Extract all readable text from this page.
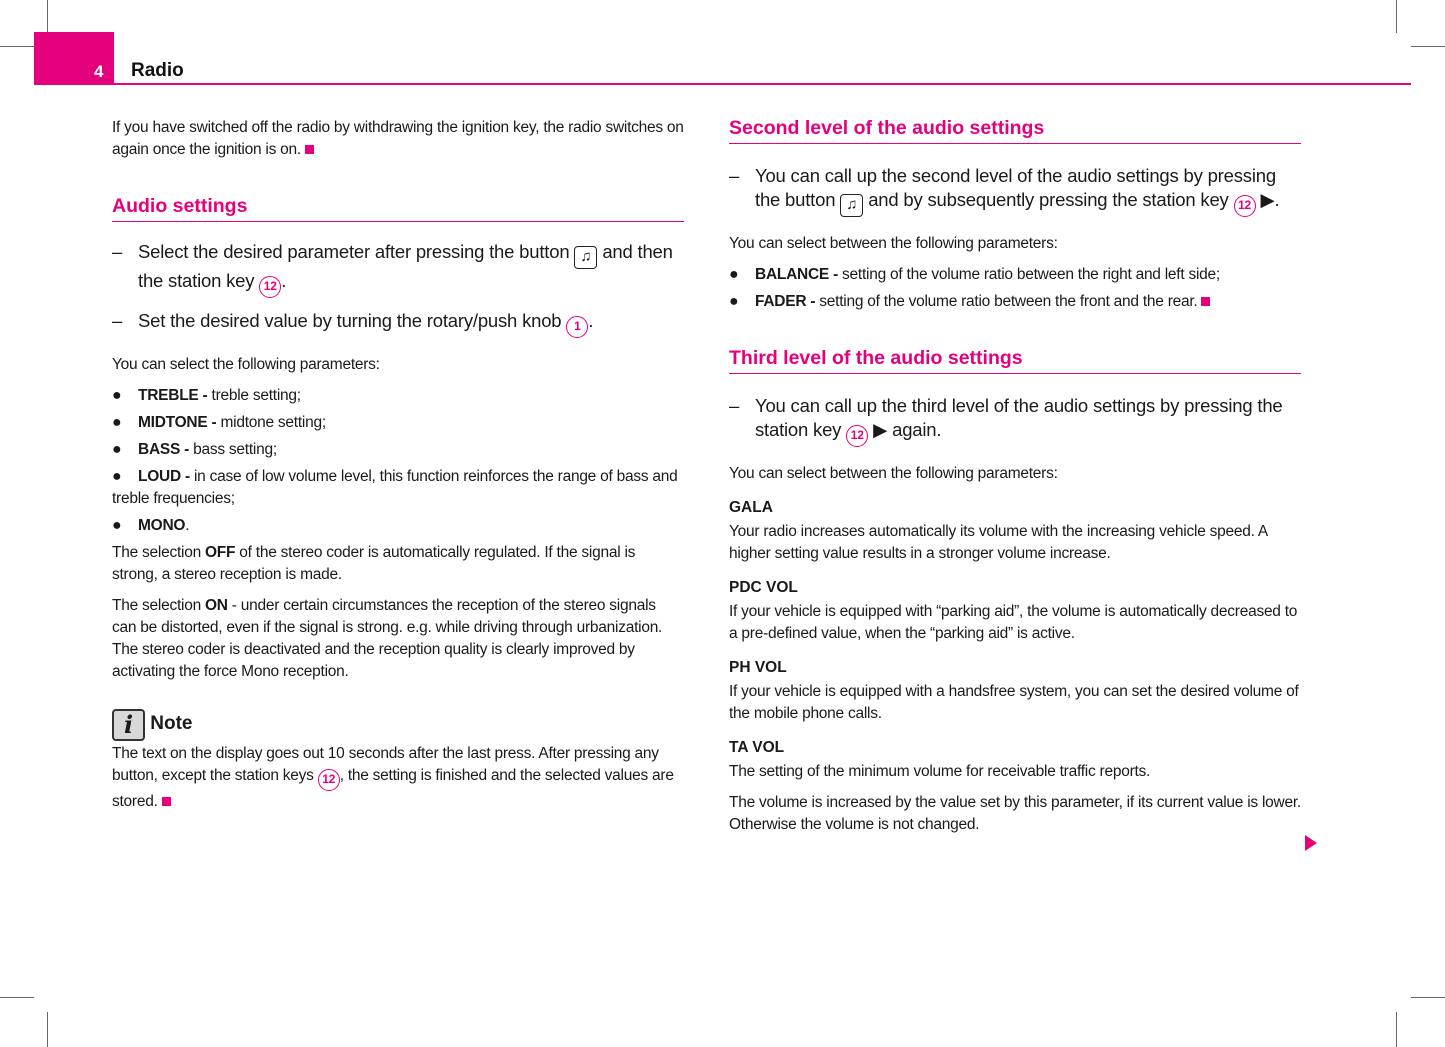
4 Radio

If you have switched off the radio by withdrawing the ignition key, the radio switches on again once the ignition is on.

Audio settings
– Select the desired parameter after pressing the button ♫ and then the station key 12 .
– Set the desired value by turning the rotary/push knob 1 .

You can select the following parameters:

● TREBLE - treble setting;
● MIDTONE - midtone setting;
● BASS - bass setting;
● LOUD - in case of low volume level, this function reinforces the range of bass and treble frequencies;
● MONO.

The selection OFF of the stereo coder is automatically regulated. If the signal is strong, a stereo reception is made.

The selection ON - under certain circumstances the reception of the stereo signals can be distorted, even if the signal is strong. e.g. while driving through urbanization. The stereo coder is deactivated and the reception quality is clearly improved by activating the force Mono reception.

i Note

The text on the display goes out 10 seconds after the last press. After pressing any button, except the station keys 12 , the setting is finished and the selected values are stored.

Second level of the audio settings
– You can call up the second level of the audio settings by pressing the button ♫ and by subsequently pressing the station key 12 ▶.

You can select between the following parameters:

● BALANCE - setting of the volume ratio between the right and left side;
● FADER - setting of the volume ratio between the front and the rear.
Third level of the audio settings
– You can call up the third level of the audio settings by pressing the station key 12 ▶ again.

You can select between the following parameters:

GALA

Your radio increases automatically its volume with the increasing vehicle speed. A higher setting value results in a stronger volume increase.

PDC VOL

If your vehicle is equipped with “parking aid”, the volume is automatically decreased to a pre-defined value, when the “parking aid” is active.

PH VOL

If your vehicle is equipped with a handsfree system, you can set the desired volume of the mobile phone calls.

TA VOL

The setting of the minimum volume for receivable traffic reports.

The volume is increased by the value set by this parameter, if its current value is lower. Otherwise the volume is not changed.
